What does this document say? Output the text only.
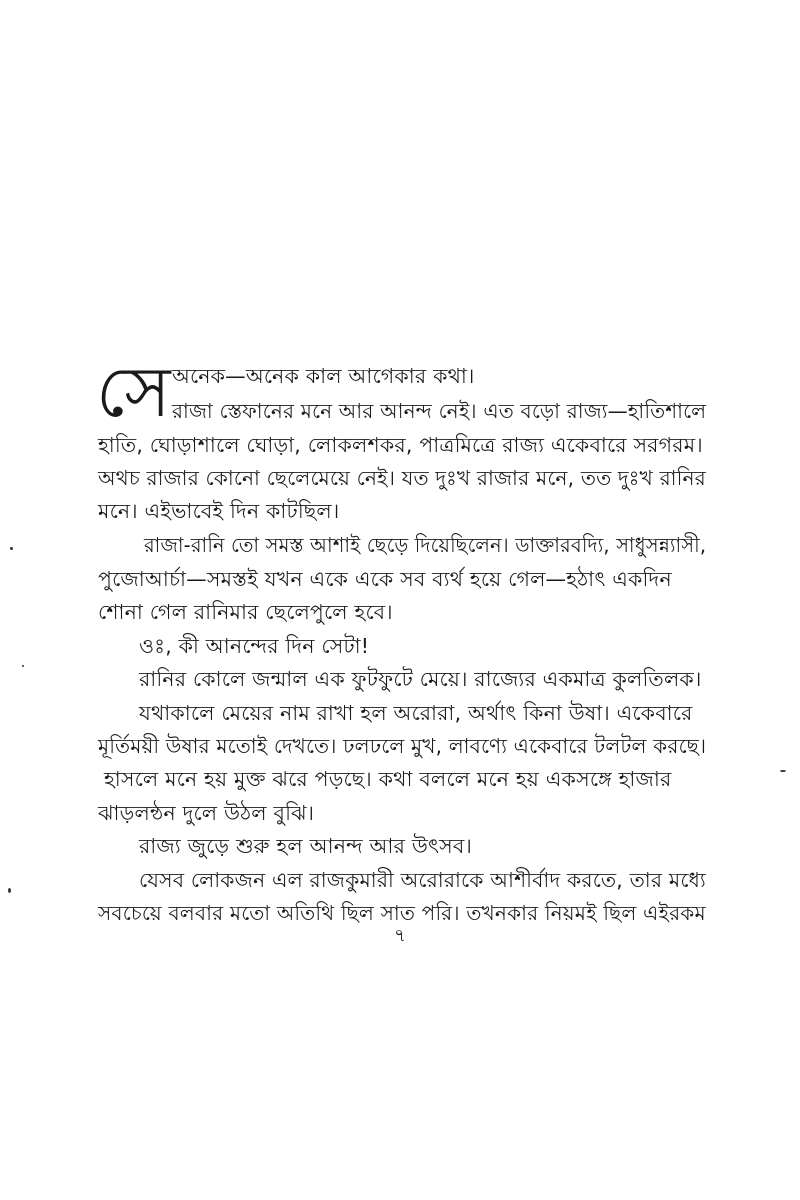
সে অনেক—অনেক কাল আগেকার কথা।
রাজা স্তেফানের মনে আর আনন্দ নেই। এত বড়ো রাজ্য—হাতিশালে
হাতি, ঘোড়াশালে ঘোড়া, লোকলশকর, পাত্রমিত্রে রাজ্য একেবারে সরগরম।
অথচ রাজার কোনো ছেলেমেয়ে নেই। যত দুঃখ রাজার মনে, তত দুঃখ রানির
মনে। এইভাবেই দিন কাটছিল।
রাজা-রানি তো সমস্ত আশাই ছেড়ে দিয়েছিলেন। ডাক্তারবদ্যি, সাধুসন্ন্যাসী,
পুজোআর্চা—সমস্তই যখন একে একে সব ব্যর্থ হয়ে গেল—হঠাৎ একদিন
শোনা গেল রানিমার ছেলেপুলে হবে।
ওঃ, কী আনন্দের দিন সেটা!
রানির কোলে জন্মাল এক ফুটফুটে মেয়ে। রাজ্যের একমাত্র কুলতিলক।
যথাকালে মেয়ের নাম রাখা হল অরোরা, অর্থাৎ কিনা উষা। একেবারে
মূর্তিময়ী উষার মতোই দেখতে। ঢলঢলে মুখ, লাবণ্যে একেবারে টলটল করছে।
হাসলে মনে হয় মুক্ত ঝরে পড়ছে। কথা বললে মনে হয় একসঙ্গে হাজার
ঝাড়লন্ঠন দুলে উঠল বুঝি।
রাজ্য জুড়ে শুরু হল আনন্দ আর উৎসব।
যেসব লোকজন এল রাজকুমারী অরোরাকে আশীর্বাদ করতে, তার মধ্যে
সবচেয়ে বলবার মতো অতিথি ছিল সাত পরি। তখনকার নিয়মই ছিল এইরকম
৭
